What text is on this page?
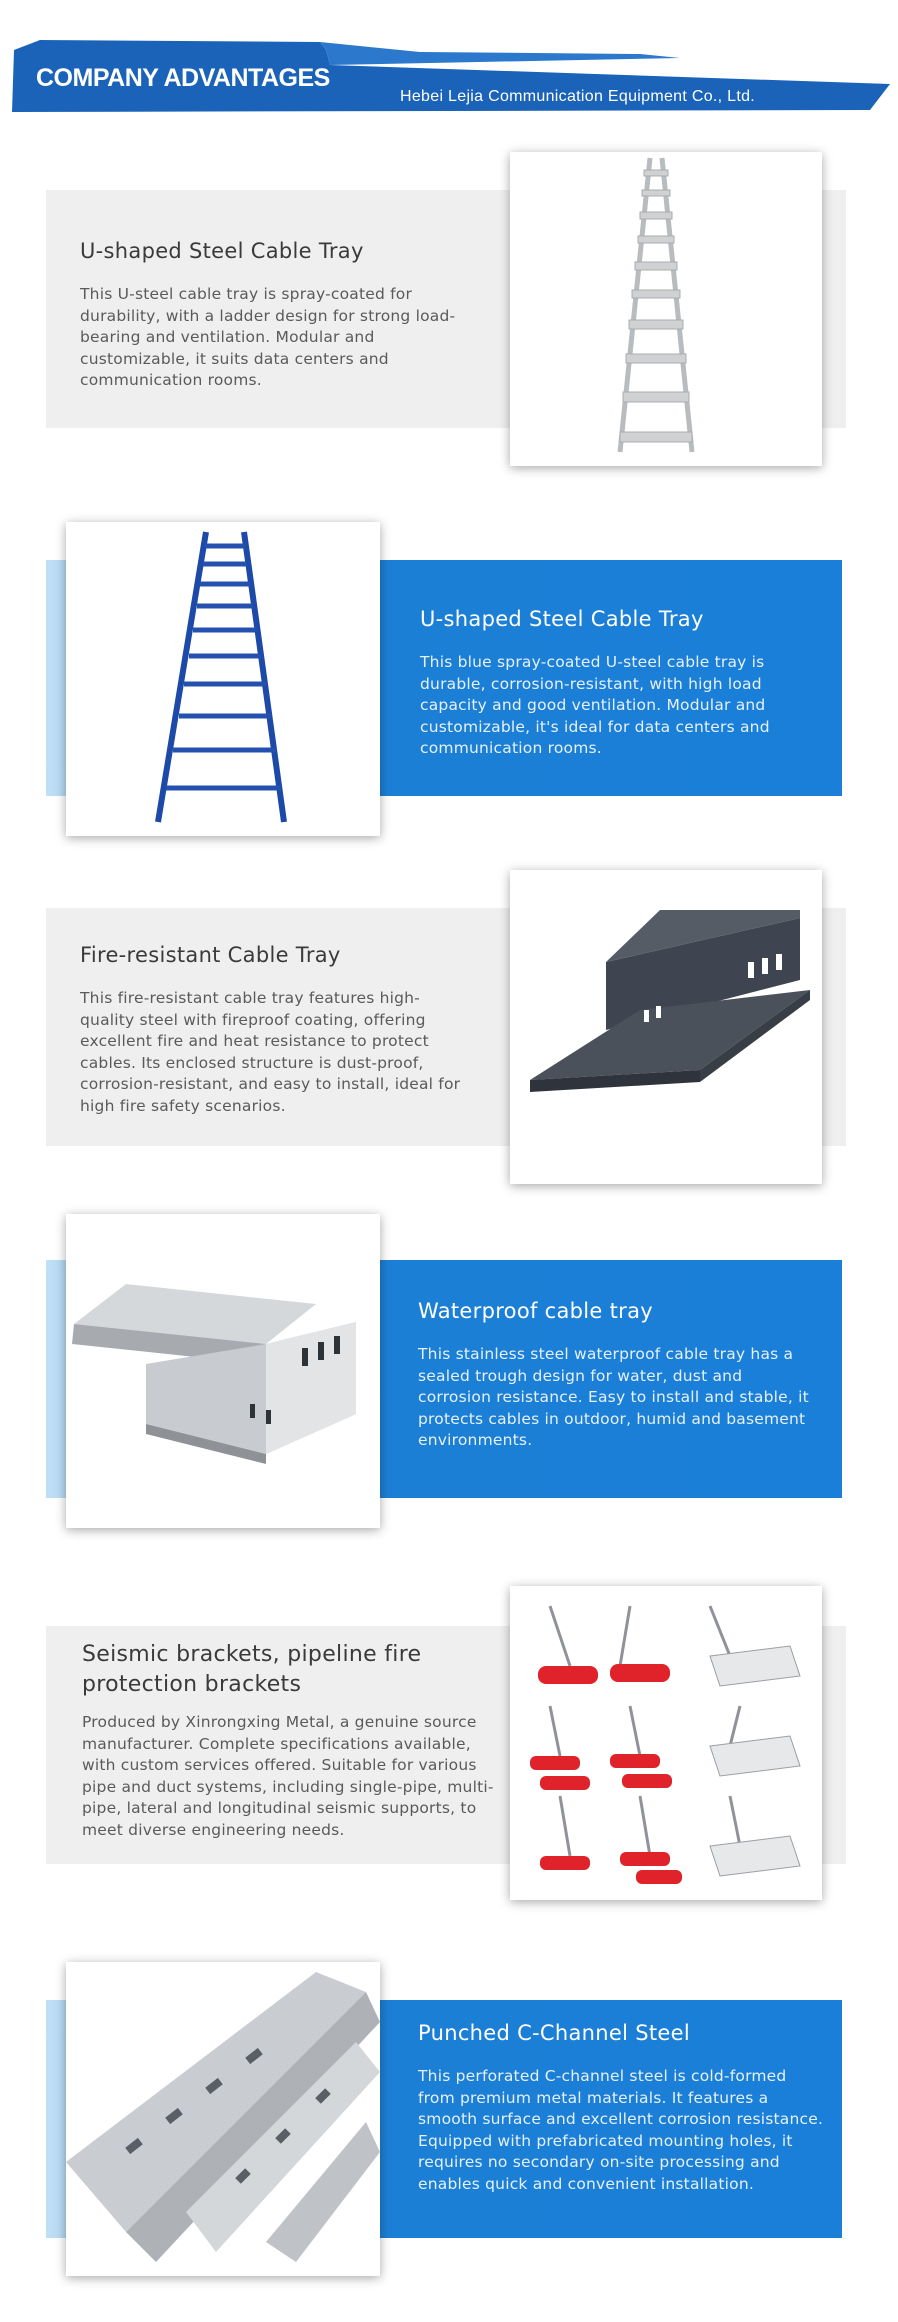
COMPANY ADVANTAGES
Hebei Lejia Communication Equipment Co., Ltd.
U-shaped Steel Cable Tray
This U-steel cable tray is spray-coated for durability, with a ladder design for strong load-bearing and ventilation. Modular and customizable, it suits data centers and communication rooms.
U-shaped Steel Cable Tray
This blue spray-coated U-steel cable tray is durable, corrosion-resistant, with high load capacity and good ventilation. Modular and customizable, it's ideal for data centers and communication rooms.
Fire-resistant Cable Tray
This fire-resistant cable tray features high-quality steel with fireproof coating, offering excellent fire and heat resistance to protect cables. Its enclosed structure is dust-proof, corrosion-resistant, and easy to install, ideal for high fire safety scenarios.
Waterproof cable tray
This stainless steel waterproof cable tray has a sealed trough design for water, dust and corrosion resistance. Easy to install and stable, it protects cables in outdoor, humid and basement environments.
Seismic brackets, pipeline fire protection brackets
Produced by Xinrongxing Metal, a genuine source manufacturer. Complete specifications available, with custom services offered. Suitable for various pipe and duct systems, including single-pipe, multi-pipe, lateral and longitudinal seismic supports, to meet diverse engineering needs.
Punched C-Channel Steel
This perforated C-channel steel is cold-formed from premium metal materials. It features a smooth surface and excellent corrosion resistance. Equipped with prefabricated mounting holes, it requires no secondary on-site processing and enables quick and convenient installation.
